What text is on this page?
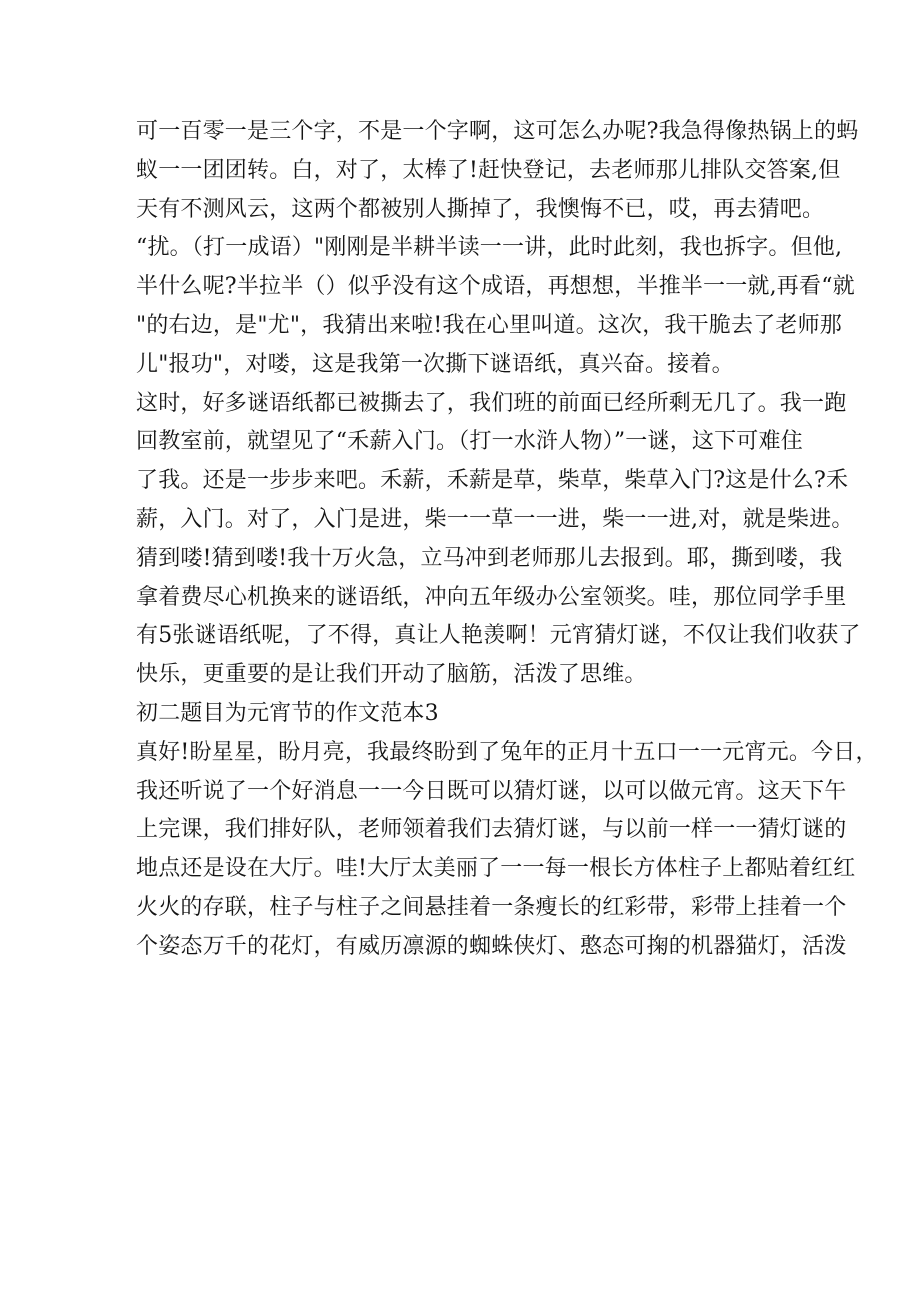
可一百零一是三个字，不是一个字啊，这可怎么办呢?我急得像热锅上的蚂
蚁一一团团转。白，对了，太棒了!赶快登记，去老师那儿排队交答案,但
天有不测风云，这两个都被别人撕掉了，我懊悔不已，哎，再去猜吧。
“扰。（打一成语）"刚刚是半耕半读一一讲，此时此刻，我也拆字。但他,
半什么呢?半拉半（）似乎没有这个成语，再想想，半推半一一就,再看“就
"的右边，是"尤"，我猜出来啦!我在心里叫道。这次，我干脆去了老师那
儿"报功"，对喽，这是我第一次撕下谜语纸，真兴奋。接着。
这时，好多谜语纸都已被撕去了，我们班的前面已经所剩无几了。我一跑
回教室前，就望见了“禾薪入门。（打一水浒人物）”一谜，这下可难住
了我。还是一步步来吧。禾薪，禾薪是草，柴草，柴草入门?这是什么?禾
薪，入门。对了，入门是进，柴一一草一一进，柴一一进,对，就是柴进。
猜到喽!猜到喽!我十万火急，立马冲到老师那儿去报到。耶，撕到喽，我
拿着费尽心机换来的谜语纸，冲向五年级办公室领奖。哇，那位同学手里
有5张谜语纸呢，了不得，真让人艳羡啊！元宵猜灯谜，不仅让我们收获了
快乐，更重要的是让我们开动了脑筋，活泼了思维。
初二题目为元宵节的作文范本3
真好!盼星星，盼月亮，我最终盼到了兔年的正月十五口一一元宵元。今日，
我还听说了一个好消息一一今日既可以猜灯谜，以可以做元宵。这天下午
上完课，我们排好队，老师领着我们去猜灯谜，与以前一样一一猜灯谜的
地点还是设在大厅。哇!大厅太美丽了一一每一根长方体柱子上都贴着红红
火火的存联，柱子与柱子之间悬挂着一条瘦长的红彩带，彩带上挂着一个
个姿态万千的花灯，有威历凛源的蜘蛛侠灯、憨态可掬的机器猫灯，活泼
